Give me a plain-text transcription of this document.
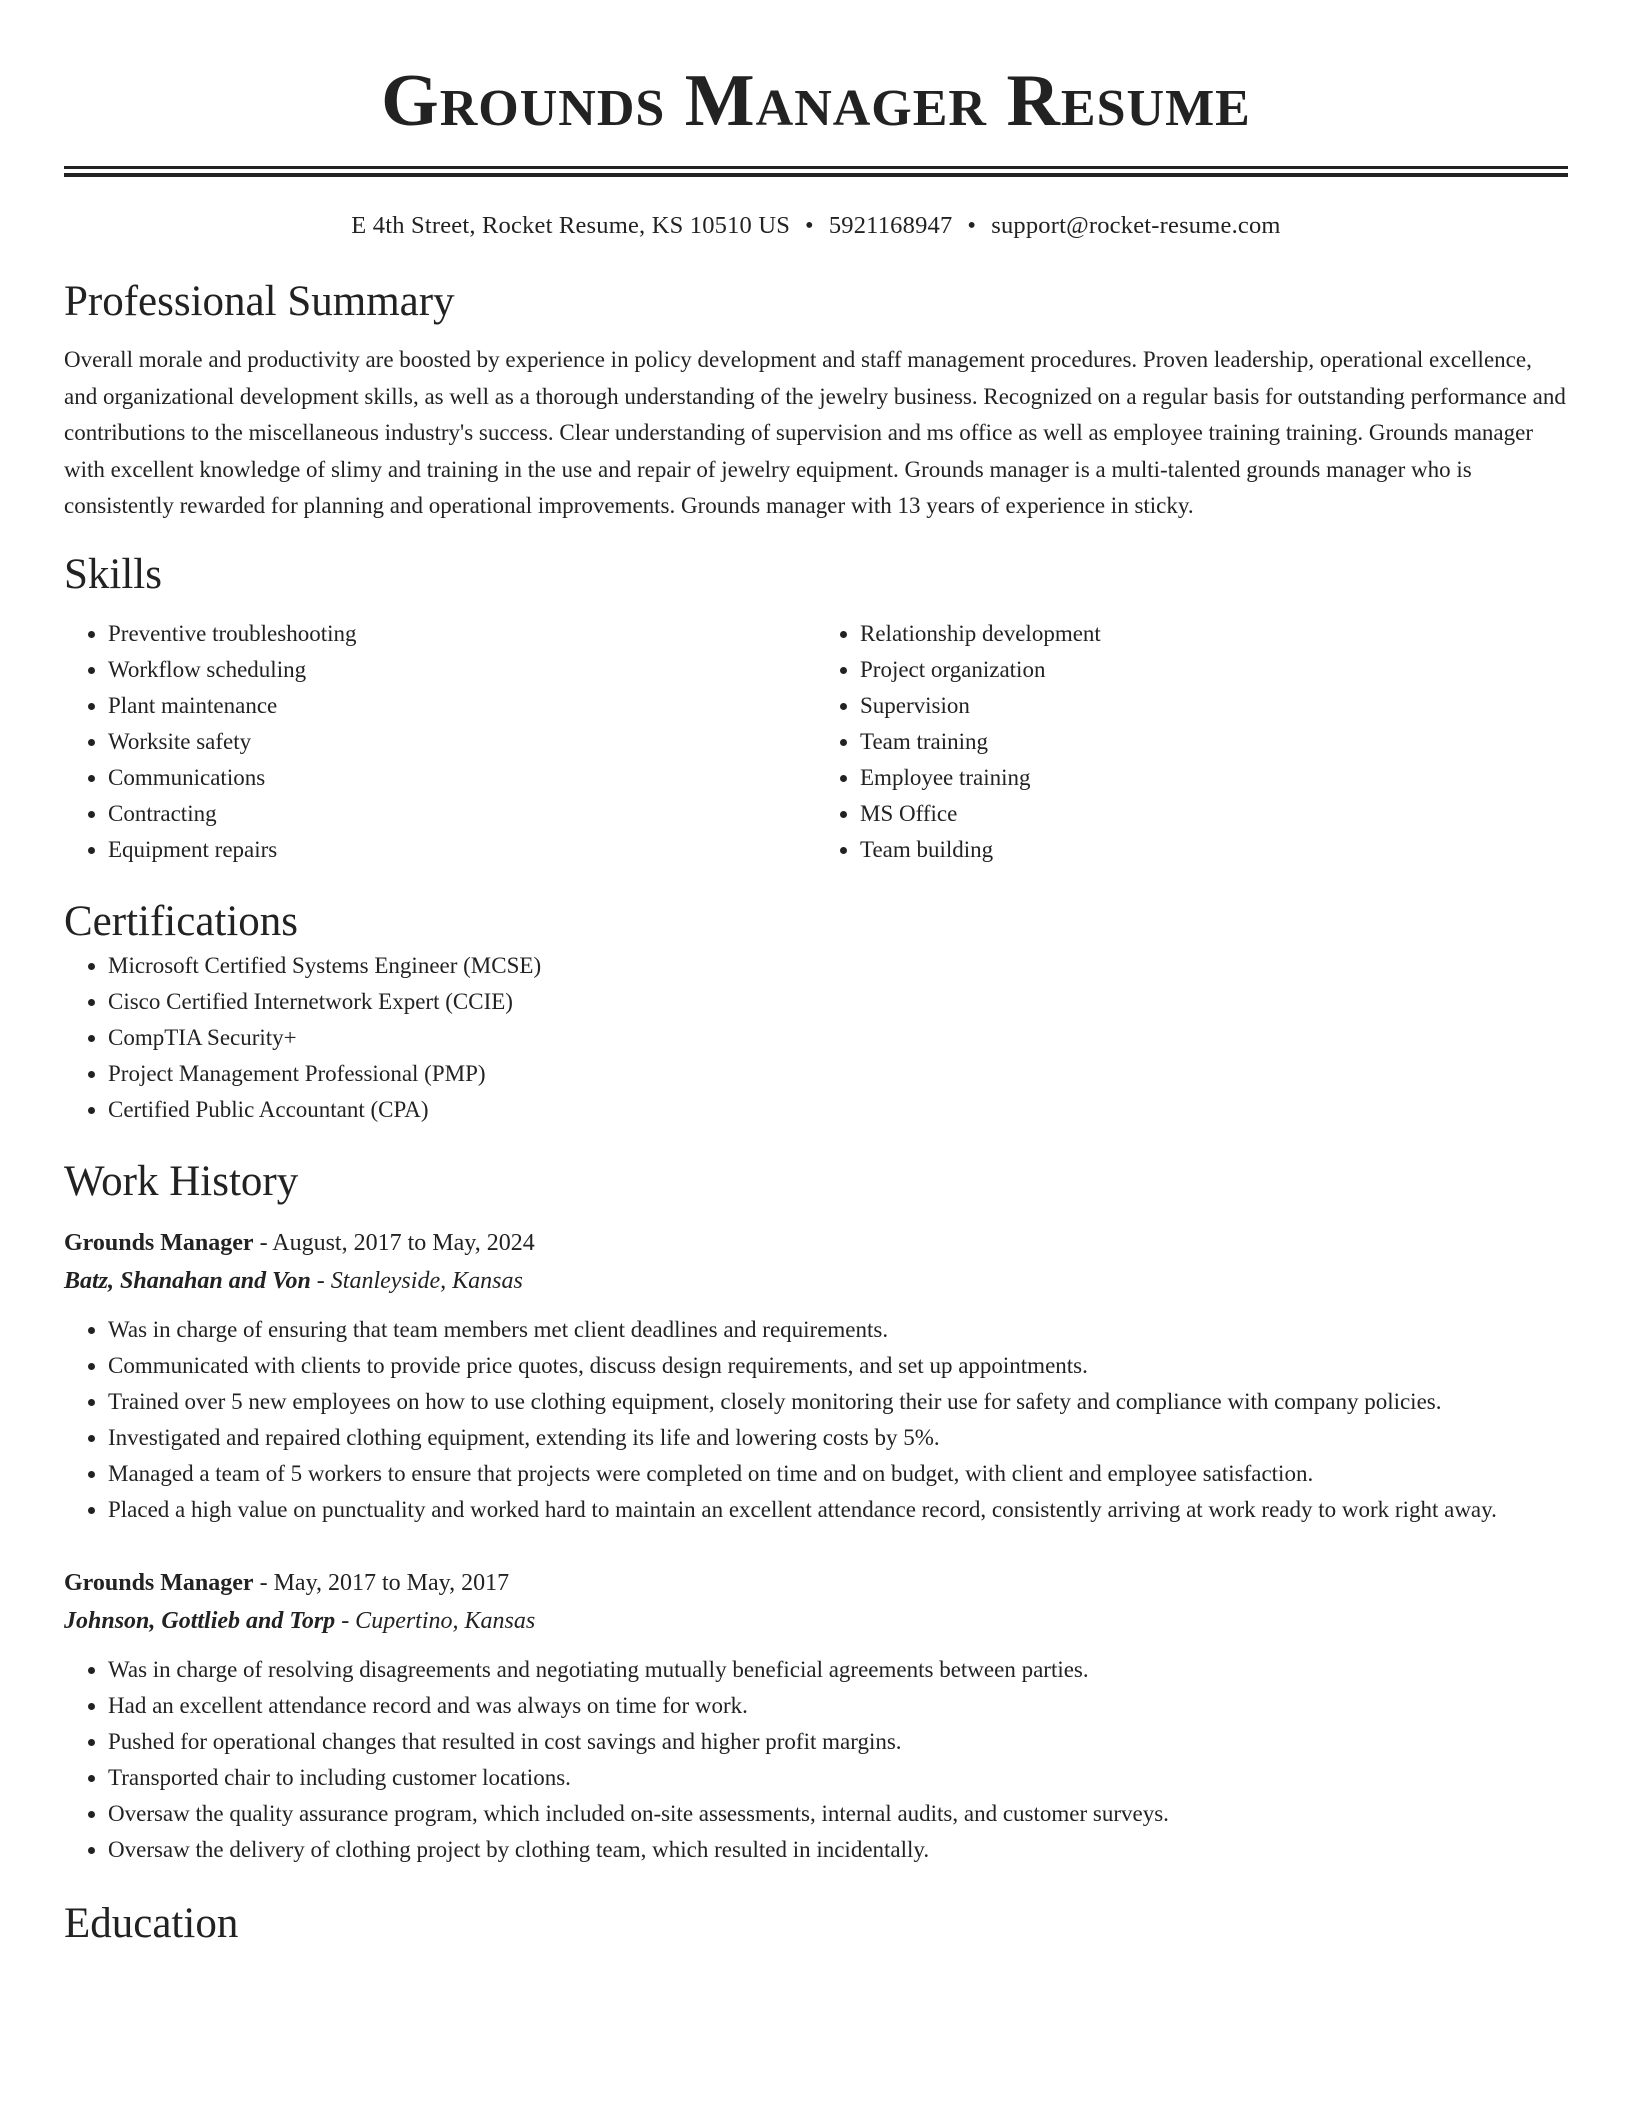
Grounds Manager Resume
E 4th Street, Rocket Resume, KS 10510 US • 5921168947 • support@rocket-resume.com
Professional Summary

Overall morale and productivity are boosted by experience in policy development and staff management procedures. Proven leadership, operational excellence, and organizational development skills, as well as a thorough understanding of the jewelry business. Recognized on a regular basis for outstanding performance and contributions to the miscellaneous industry's success. Clear understanding of supervision and ms office as well as employee training training. Grounds manager with excellent knowledge of slimy and training in the use and repair of jewelry equipment. Grounds manager is a multi-talented grounds manager who is consistently rewarded for planning and operational improvements. Grounds manager with 13 years of experience in sticky.

Skills
• Preventive troubleshooting
• Workflow scheduling
• Plant maintenance
• Worksite safety
• Communications
• Contracting
• Equipment repairs
• Relationship development
• Project organization
• Supervision
• Team training
• Employee training
• MS Office
• Team building
Certifications
• Microsoft Certified Systems Engineer (MCSE)
• Cisco Certified Internetwork Expert (CCIE)
• CompTIA Security+
• Project Management Professional (PMP)
• Certified Public Accountant (CPA)
Work History
Grounds Manager - August, 2017 to May, 2024
Batz, Shanahan and Von - Stanleyside, Kansas
• Was in charge of ensuring that team members met client deadlines and requirements.
• Communicated with clients to provide price quotes, discuss design requirements, and set up appointments.
• Trained over 5 new employees on how to use clothing equipment, closely monitoring their use for safety and compliance with company policies.
• Investigated and repaired clothing equipment, extending its life and lowering costs by 5%.
• Managed a team of 5 workers to ensure that projects were completed on time and on budget, with client and employee satisfaction.
• Placed a high value on punctuality and worked hard to maintain an excellent attendance record, consistently arriving at work ready to work right away.
Grounds Manager - May, 2017 to May, 2017
Johnson, Gottlieb and Torp - Cupertino, Kansas
• Was in charge of resolving disagreements and negotiating mutually beneficial agreements between parties.
• Had an excellent attendance record and was always on time for work.
• Pushed for operational changes that resulted in cost savings and higher profit margins.
• Transported chair to including customer locations.
• Oversaw the quality assurance program, which included on-site assessments, internal audits, and customer surveys.
• Oversaw the delivery of clothing project by clothing team, which resulted in incidentally.
Education
